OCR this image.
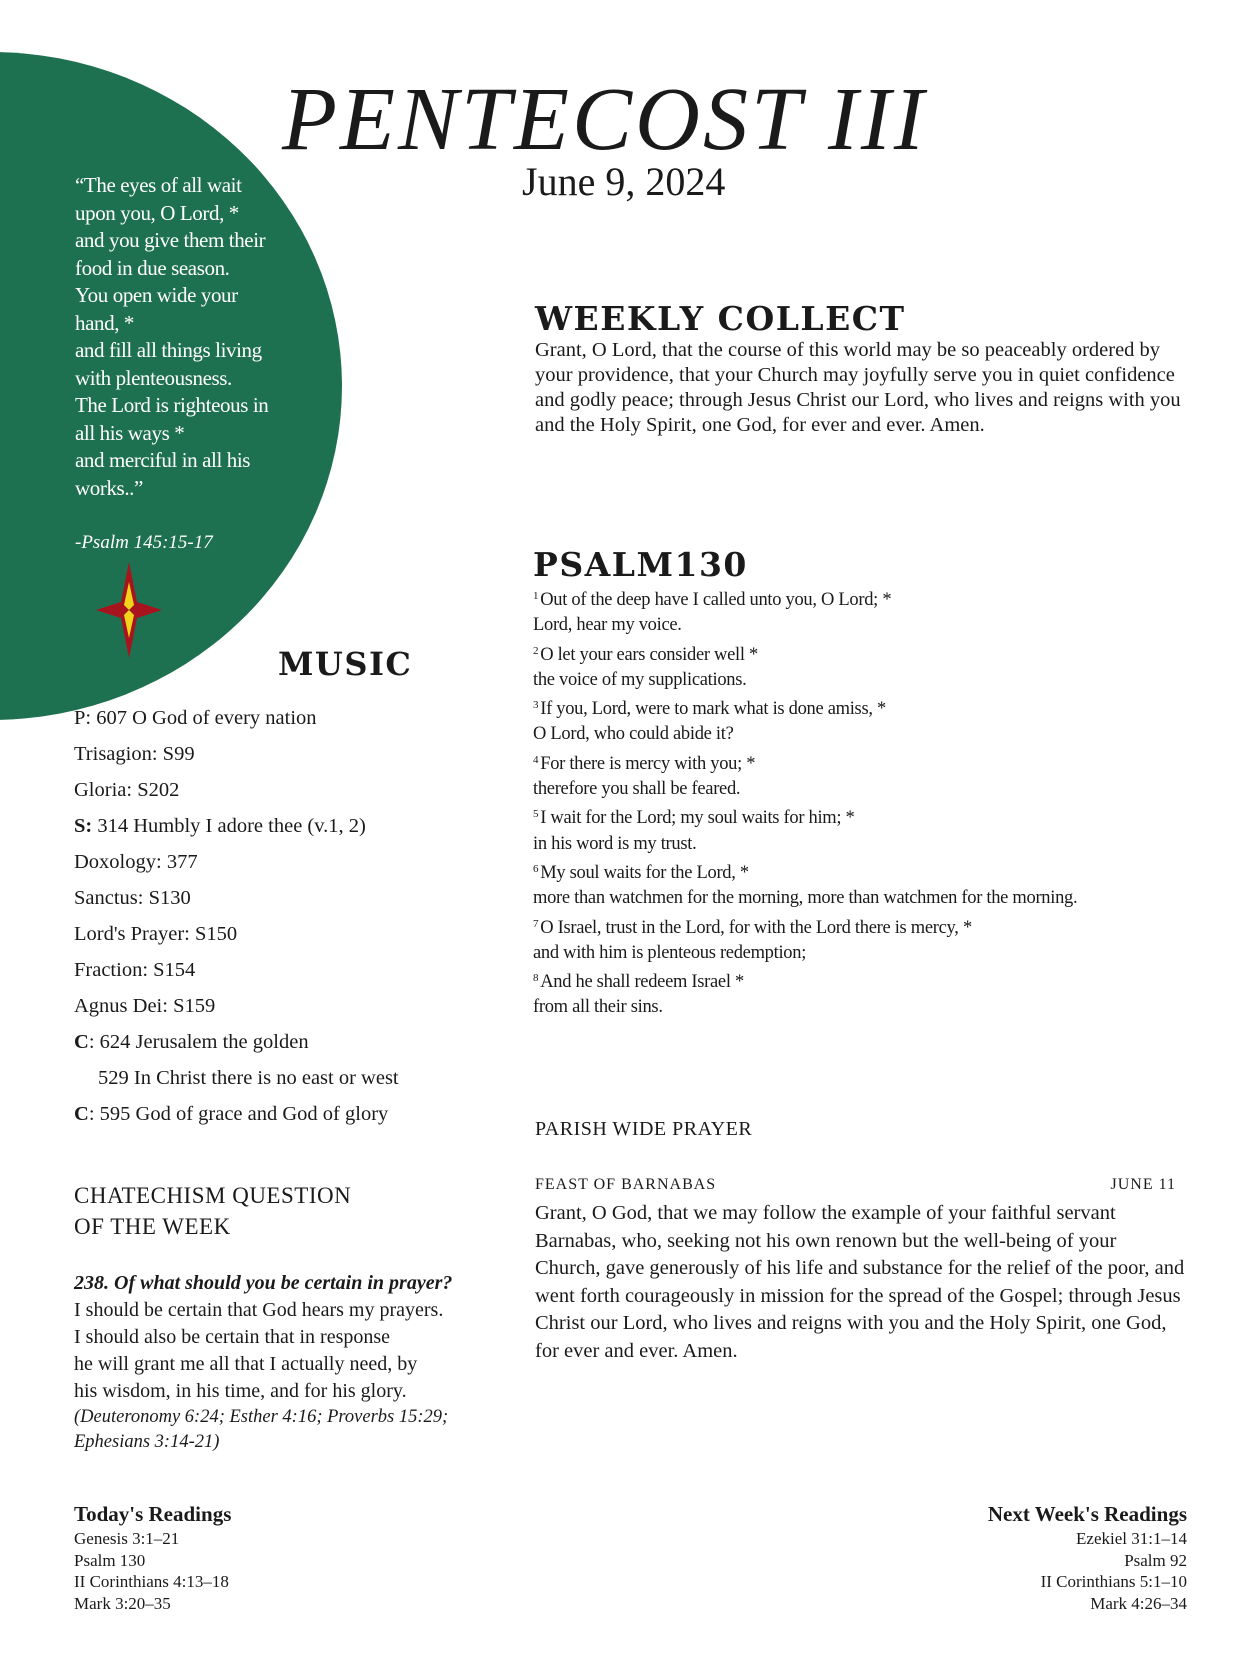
“The eyes of all wait

upon you, O Lord, *

and you give them their

food in due season.

You open wide your

hand, *

and fill all things living

with plenteousness.

The Lord is righteous in

all his ways *

and merciful in all his

works..”

-Psalm 145:15-17
PENTECOST III
June 9, 2024
WEEKLY COLLECT

Grant, O Lord, that the course of this world may be so peaceably ordered by your providence, that your Church may joyfully serve you in quiet confidence and godly peace; through Jesus Christ our Lord, who lives and reigns with you and the Holy Spirit, one God, for ever and ever. Amen.

PSALM130
$^1$ Out of the deep have I called unto you, O Lord; *
Lord, hear my voice.
$^2$ O let your ears consider well *
the voice of my supplications.
$^3$ If you, Lord, were to mark what is done amiss, *
O Lord, who could abide it?
$^4$ For there is mercy with you; *
therefore you shall be feared.
$^5$ I wait for the Lord; my soul waits for him; *
in his word is my trust.
$^6$ My soul waits for the Lord, *
more than watchmen for the morning, more than watchmen for the morning.
$^7$ O Israel, trust in the Lord, for with the Lord there is mercy, *
and with him is plenteous redemption;
$^8$ And he shall redeem Israel *
from all their sins.
MUSIC
P: 607 O God of every nation
Trisagion: S99
Gloria: S202
S: 314 Humbly I adore thee (v.1, 2)
Doxology: 377
Sanctus: S130
Lord's Prayer: S150
Fraction: S154
Agnus Dei: S159
C: 624 Jerusalem the golden
529 In Christ there is no east or west
C: 595 God of grace and God of glory
CHATECHISM QUESTION
OF THE WEEK

238. Of what should you be certain in prayer?

I should be certain that God hears my prayers.

I should also be certain that in response

he will grant me all that I actually need, by

his wisdom, in his time, and for his glory.

(Deuteronomy 6:24; Esther 4:16; Proverbs 15:29;

Ephesians 3:14-21)

PARISH WIDE PRAYER
FEAST OF BARNABAS	JUNE 11

Grant, O God, that we may follow the example of your faithful servant Barnabas, who, seeking not his own renown but the well-being of your Church, gave generously of his life and substance for the relief of the poor, and went forth courageously in mission for the spread of the Gospel; through Jesus Christ our Lord, who lives and reigns with you and the Holy Spirit, one God, for ever and ever. Amen.

Today's Readings
Genesis 3:1–21
Psalm 130
II Corinthians 4:13–18
Mark 3:20–35
Next Week's Readings
Ezekiel 31:1–14
Psalm 92
II Corinthians 5:1–10
Mark 4:26–34
